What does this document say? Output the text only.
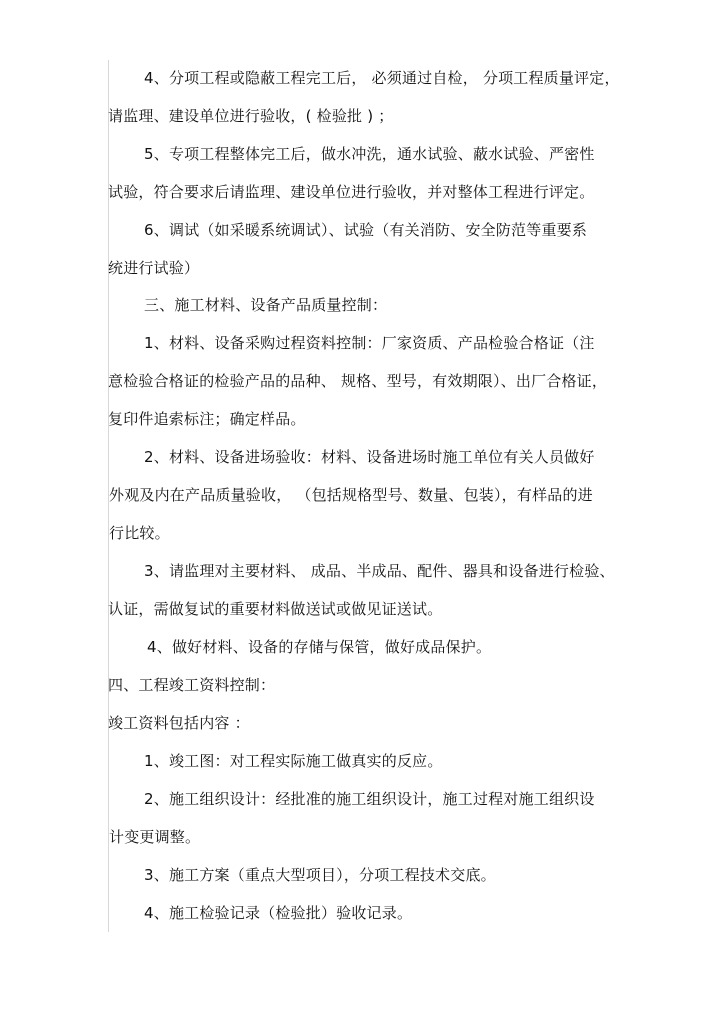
4、分项工程或隐蔽工程完工后， 必须通过自检， 分项工程质量评定，
请监理、建设单位进行验收，( 检验批 ) ；
5、专项工程整体完工后，做水冲洗，通水试验、蔽水试验、严密性
试验，符合要求后请监理、建设单位进行验收，并对整体工程进行评定。
6、调试（如采暖系统调试）、试验（有关消防、安全防范等重要系
统进行试验）
三、施工材料、设备产品质量控制：
1、材料、设备采购过程资料控制：厂家资质、产品检验合格证（注
意检验合格证的检验产品的品种、 规格、型号，有效期限）、出厂合格证，
复印件追索标注；确定样品。
2、材料、设备进场验收：材料、设备进场时施工单位有关人员做好
外观及内在产品质量验收， （包括规格型号、数量、包装），有样品的进
行比较。
3、请监理对主要材料、 成品、半成品、配件、器具和设备进行检验、
认证，需做复试的重要材料做送试或做见证送试。
4、做好材料、设备的存储与保管，做好成品保护。
四、工程竣工资料控制：
竣工资料包括内容 ：
1、竣工图：对工程实际施工做真实的反应。
2、施工组织设计：经批准的施工组织设计，施工过程对施工组织设
计变更调整。
3、施工方案（重点大型项目），分项工程技术交底。
4、施工检验记录（检验批）验收记录。
